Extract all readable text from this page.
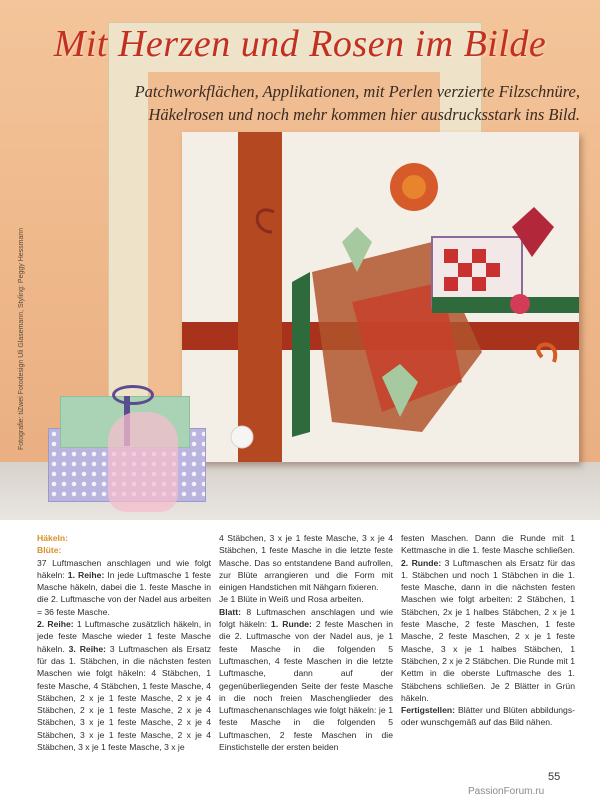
Mit Herzen und Rosen im Bilde
Patchworkflächen, Applikationen, mit Perlen verzierte Filzschnüre,
Häkelrosen und noch mehr kommen hier ausdrucksstark ins Bild.
Fotografie: tiZwei Fotodesign Uli Glasemann, Styling: Peggy Hessmann

Häkeln:

Blüte:

37 Luftmaschen anschlagen und wie folgt häkeln: 1. Reihe: In jede Luftmasche 1 feste Masche häkeln, dabei die 1. feste Masche in die 2. Luftmasche von der Nadel aus arbeiten = 36 feste Masche.

2. Reihe: 1 Luftmasche zusätzlich häkeln, in jede feste Masche wieder 1 feste Masche häkeln. 3. Reihe: 3 Luftmaschen als Ersatz für das 1. Stäbchen, in die nächsten festen Maschen wie folgt häkeln: 4 Stäbchen, 1 feste Masche, 4 Stäbchen, 1 feste Masche, 4 Stäbchen, 2 x je 1 feste Masche, 2 x je 4 Stäbchen, 2 x je 1 feste Masche, 2 x je 4 Stäbchen, 3 x je 1 feste Masche, 2 x je 4 Stäbchen, 3 x je 1 feste Masche, 2 x je 4 Stäbchen, 3 x je 1 feste Masche, 3 x je

4 Stäbchen, 3 x je 1 feste Masche, 3 x je 4 Stäbchen, 1 feste Masche in die letzte feste Masche. Das so entstandene Band aufrollen, zur Blüte arrangieren und die Form mit einigen Handstichen mit Nähgarn fixieren.

Je 1 Blüte in Weiß und Rosa arbeiten.

Blatt: 8 Luftmaschen anschlagen und wie folgt häkeln: 1. Runde: 2 feste Maschen in die 2. Luftmasche von der Nadel aus, je 1 feste Masche in die folgenden 5 Luftmaschen, 4 feste Maschen in die letzte Luftmasche, dann auf der gegenüberliegenden Seite der feste Masche in die noch freien Maschenglieder des Luftmaschenanschlages wie folgt häkeln: je 1 feste Masche in die folgenden 5 Luftmaschen, 2 feste Maschen in die Einstichstelle der ersten beiden

festen Maschen. Dann die Runde mit 1 Kettmasche in die 1. feste Masche schließen. 2. Runde: 3 Luftmaschen als Ersatz für das 1. Stäbchen und noch 1 Stäbchen in die 1. feste Masche, dann in die nächsten festen Maschen wie folgt arbeiten: 2 Stäbchen, 1 Stäbchen, 2x je 1 halbes Stäbchen, 2 x je 1 feste Masche, 2 feste Maschen, 1 feste Masche, 2 feste Maschen, 2 x je 1 feste Masche, 3 x je 1 halbes Stäbchen, 1 Stäbchen, 2 x je 2 Stäbchen. Die Runde mit 1 Kettm in die oberste Luftmasche des 1. Stäbchens schließen. Je 2 Blätter in Grün häkeln.

Fertigstellen: Blätter und Blüten abbildungs- oder wunschgemäß auf das Bild nähen.

55
PassionForum.ru
